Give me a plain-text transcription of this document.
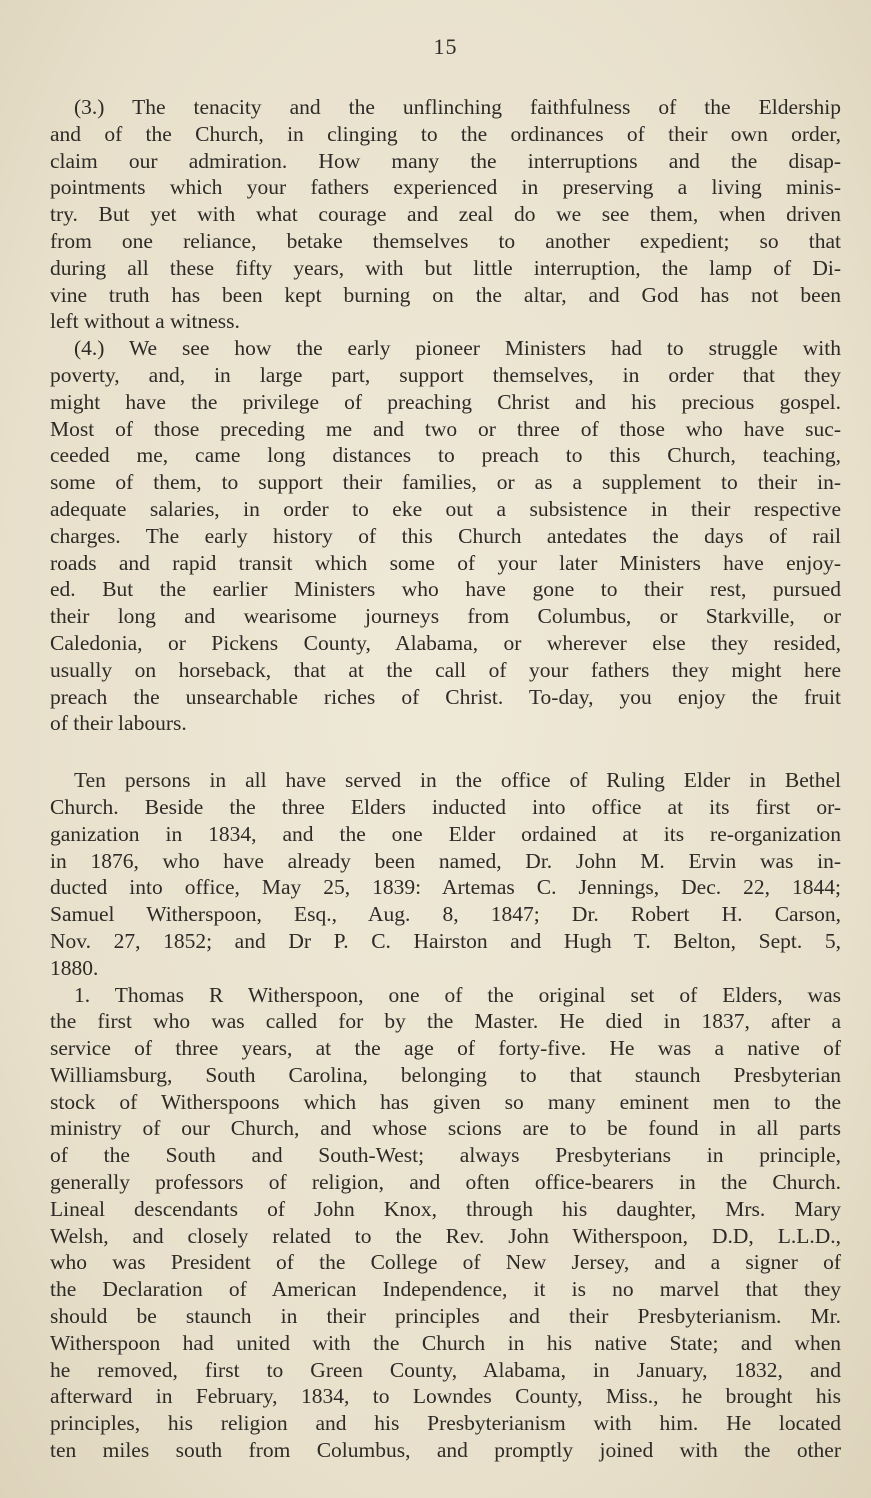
15

(3.) The tenacity and the unflinching faithfulness of the Eldership
and of the Church, in clinging to the ordinances of their own order,
claim our admiration. How many the interruptions and the disap-
pointments which your fathers experienced in preserving a living minis-
try. But yet with what courage and zeal do we see them, when driven
from one reliance, betake themselves to another expedient; so that
during all these fifty years, with but little interruption, the lamp of Di-
vine truth has been kept burning on the altar, and God has not been
left without a witness.

(4.) We see how the early pioneer Ministers had to struggle with
poverty, and, in large part, support themselves, in order that they
might have the privilege of preaching Christ and his precious gospel.
Most of those preceding me and two or three of those who have suc-
ceeded me, came long distances to preach to this Church, teaching,
some of them, to support their families, or as a supplement to their in-
adequate salaries, in order to eke out a subsistence in their respective
charges. The early history of this Church antedates the days of rail
roads and rapid transit which some of your later Ministers have enjoy-
ed. But the earlier Ministers who have gone to their rest, pursued
their long and wearisome journeys from Columbus, or Starkville, or
Caledonia, or Pickens County, Alabama, or wherever else they resided,
usually on horseback, that at the call of your fathers they might here
preach the unsearchable riches of Christ. To-day, you enjoy the fruit
of their labours.

Ten persons in all have served in the office of Ruling Elder in Bethel
Church. Beside the three Elders inducted into office at its first or-
ganization in 1834, and the one Elder ordained at its re-organization
in 1876, who have already been named, Dr. John M. Ervin was in-
ducted into office, May 25, 1839: Artemas C. Jennings, Dec. 22, 1844;
Samuel Witherspoon, Esq., Aug. 8, 1847; Dr. Robert H. Carson,
Nov. 27, 1852; and Dr P. C. Hairston and Hugh T. Belton, Sept. 5,
1880.

1. Thomas R Witherspoon, one of the original set of Elders, was
the first who was called for by the Master. He died in 1837, after a
service of three years, at the age of forty-five. He was a native of
Williamsburg, South Carolina, belonging to that staunch Presbyterian
stock of Witherspoons which has given so many eminent men to the
ministry of our Church, and whose scions are to be found in all parts
of the South and South-West; always Presbyterians in principle,
generally professors of religion, and often office-bearers in the Church.
Lineal descendants of John Knox, through his daughter, Mrs. Mary
Welsh, and closely related to the Rev. John Witherspoon, D.D, L.L.D.,
who was President of the College of New Jersey, and a signer of
the Declaration of American Independence, it is no marvel that they
should be staunch in their principles and their Presbyterianism. Mr.
Witherspoon had united with the Church in his native State; and when
he removed, first to Green County, Alabama, in January, 1832, and
afterward in February, 1834, to Lowndes County, Miss., he brought his
principles, his religion and his Presbyterianism with him. He located
ten miles south from Columbus, and promptly joined with the other
